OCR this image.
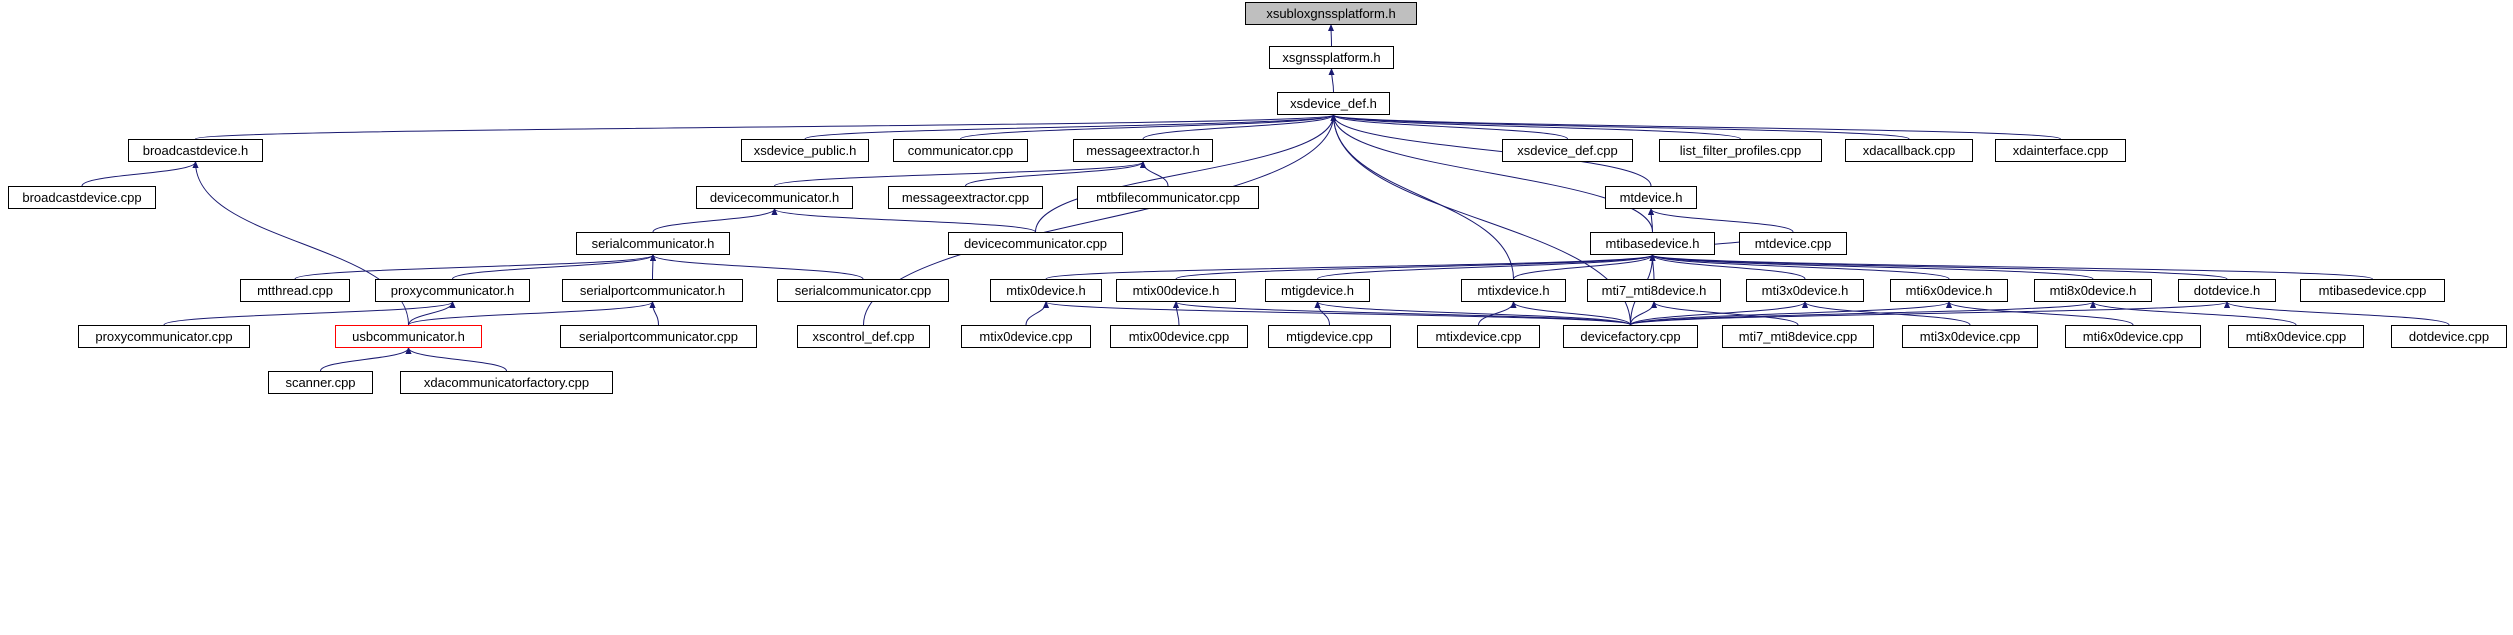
xsubloxgnssplatform.h
xsgnssplatform.h
xsdevice_def.h
broadcastdevice.h	xsdevice_public.h	communicator.cpp	messageextractor.h	xsdevice_def.cpp	list_filter_profiles.cpp	xdacallback.cpp	xdainterface.cpp
broadcastdevice.cpp	devicecommunicator.h	messageextractor.cpp	mtbfilecommunicator.cpp	mtdevice.h
serialcommunicator.h	devicecommunicator.cpp	mtibasedevice.h	mtdevice.cpp
mtthread.cpp	proxycommunicator.h	serialportcommunicator.h	serialcommunicator.cpp	mtix0device.h	mtix00device.h	mtigdevice.h	mtixdevice.h	mti7_mti8device.h	mti3x0device.h	mti6x0device.h	mti8x0device.h	dotdevice.h	mtibasedevice.cpp
proxycommunicator.cpp	usbcommunicator.h	serialportcommunicator.cpp	xscontrol_def.cpp	mtix0device.cpp	mtix00device.cpp	mtigdevice.cpp	mtixdevice.cpp	devicefactory.cpp	mti7_mti8device.cpp	mti3x0device.cpp	mti6x0device.cpp	mti8x0device.cpp	dotdevice.cpp
scanner.cpp	xdacommunicatorfactory.cpp
